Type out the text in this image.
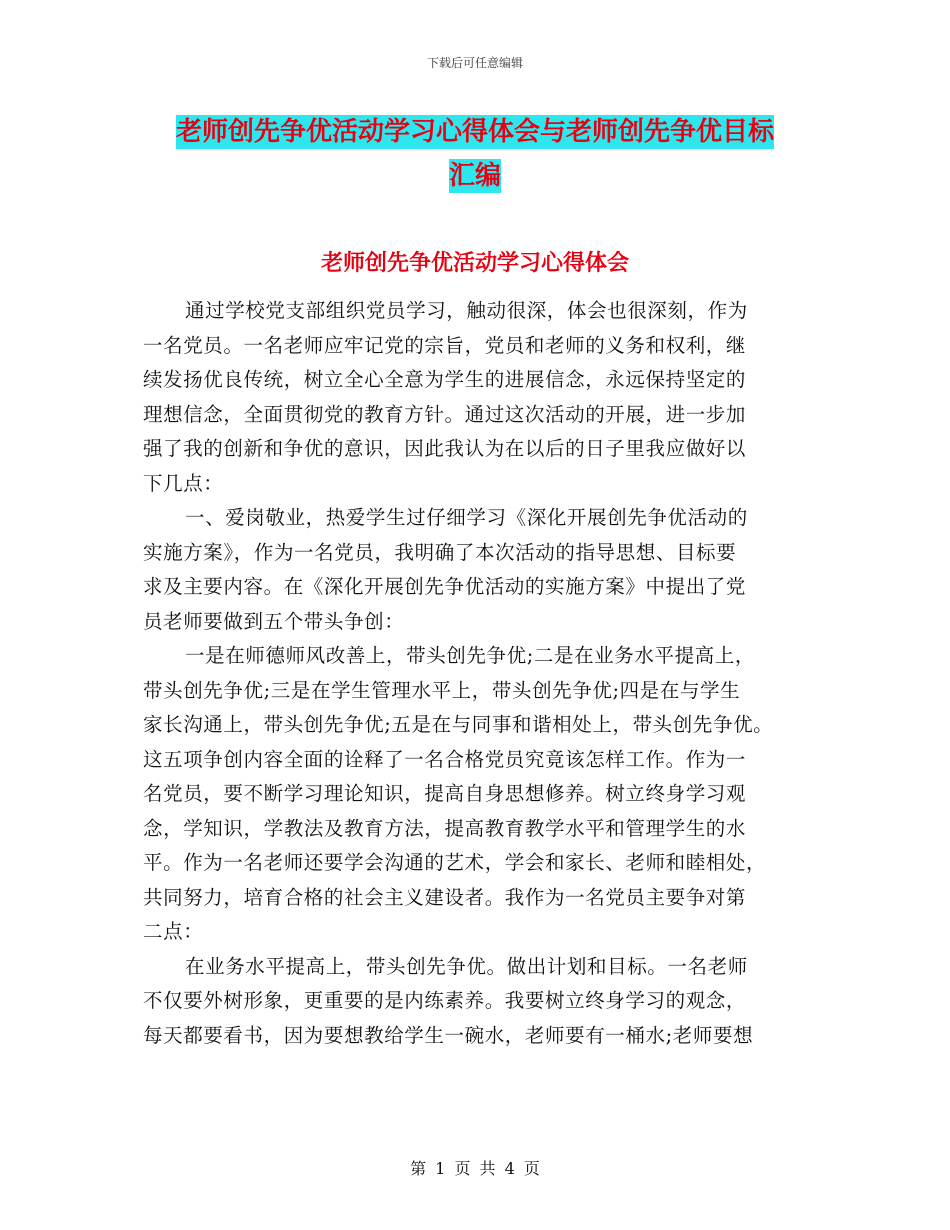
下载后可任意编辑
老师创先争优活动学习心得体会与老师创先争优目标
汇编
老师创先争优活动学习心得体会
通过学校党支部组织党员学习，触动很深，体会也很深刻，作为
一名党员。一名老师应牢记党的宗旨，党员和老师的义务和权利，继
续发扬优良传统，树立全心全意为学生的进展信念，永远保持坚定的
理想信念，全面贯彻党的教育方针。通过这次活动的开展，进一步加
强了我的创新和争优的意识，因此我认为在以后的日子里我应做好以
下几点：
一、爱岗敬业，热爱学生过仔细学习《深化开展创先争优活动的
实施方案》，作为一名党员，我明确了本次活动的指导思想、目标要
求及主要内容。在《深化开展创先争优活动的实施方案》中提出了党
员老师要做到五个带头争创：
一是在师德师风改善上，带头创先争优;二是在业务水平提高上，
带头创先争优;三是在学生管理水平上，带头创先争优;四是在与学生
家长沟通上，带头创先争优;五是在与同事和谐相处上，带头创先争优。
这五项争创内容全面的诠释了一名合格党员究竟该怎样工作。作为一
名党员，要不断学习理论知识，提高自身思想修养。树立终身学习观
念，学知识，学教法及教育方法，提高教育教学水平和管理学生的水
平。作为一名老师还要学会沟通的艺术，学会和家长、老师和睦相处，
共同努力，培育合格的社会主义建设者。我作为一名党员主要争对第
二点：
在业务水平提高上，带头创先争优。做出计划和目标。一名老师
不仅要外树形象，更重要的是内练素养。我要树立终身学习的观念，
每天都要看书，因为要想教给学生一碗水，老师要有一桶水;老师要想
第 1 页 共 4 页
